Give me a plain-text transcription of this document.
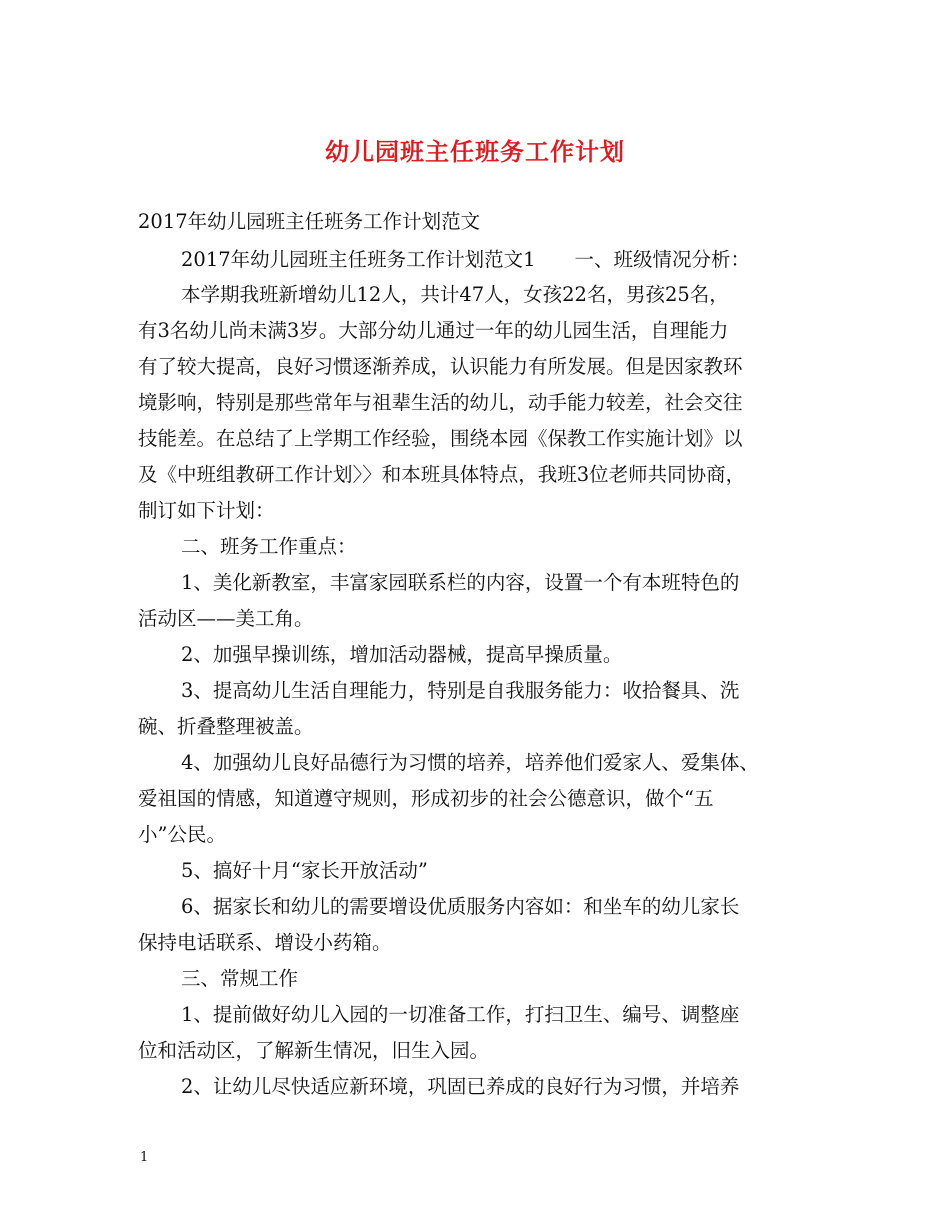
幼儿园班主任班务工作计划
2017年幼儿园班主任班务工作计划范文
2017年幼儿园班主任班务工作计划范文1　　一、班级情况分析：
本学期我班新增幼儿12人，共计47人，女孩22名，男孩25名，
有3名幼儿尚未满3岁。大部分幼儿通过一年的幼儿园生活，自理能力
有了较大提高，良好习惯逐渐养成，认识能力有所发展。但是因家教环
境影响，特别是那些常年与祖辈生活的幼儿，动手能力较差，社会交往
技能差。在总结了上学期工作经验，围绕本园《保教工作实施计划》以
及《中班组教研工作计划〉〉和本班具体特点，我班3位老师共同协商，
制订如下计划：
二、班务工作重点：
1、美化新教室，丰富家园联系栏的内容，设置一个有本班特色的
活动区——美工角。
2、加强早操训练，增加活动器械，提高早操质量。
3、提高幼儿生活自理能力，特别是自我服务能力：收拾餐具、洗
碗、折叠整理被盖。
4、加强幼儿良好品德行为习惯的培养，培养他们爱家人、爱集体、
爱祖国的情感，知道遵守规则，形成初步的社会公德意识，做个“五
小”公民。
5、搞好十月“家长开放活动”
6、据家长和幼儿的需要增设优质服务内容如：和坐车的幼儿家长
保持电话联系、增设小药箱。
三、常规工作
1、提前做好幼儿入园的一切准备工作，打扫卫生、编号、调整座
位和活动区，了解新生情况，旧生入园。
2、让幼儿尽快适应新环境，巩固已养成的良好行为习惯，并培养
1
